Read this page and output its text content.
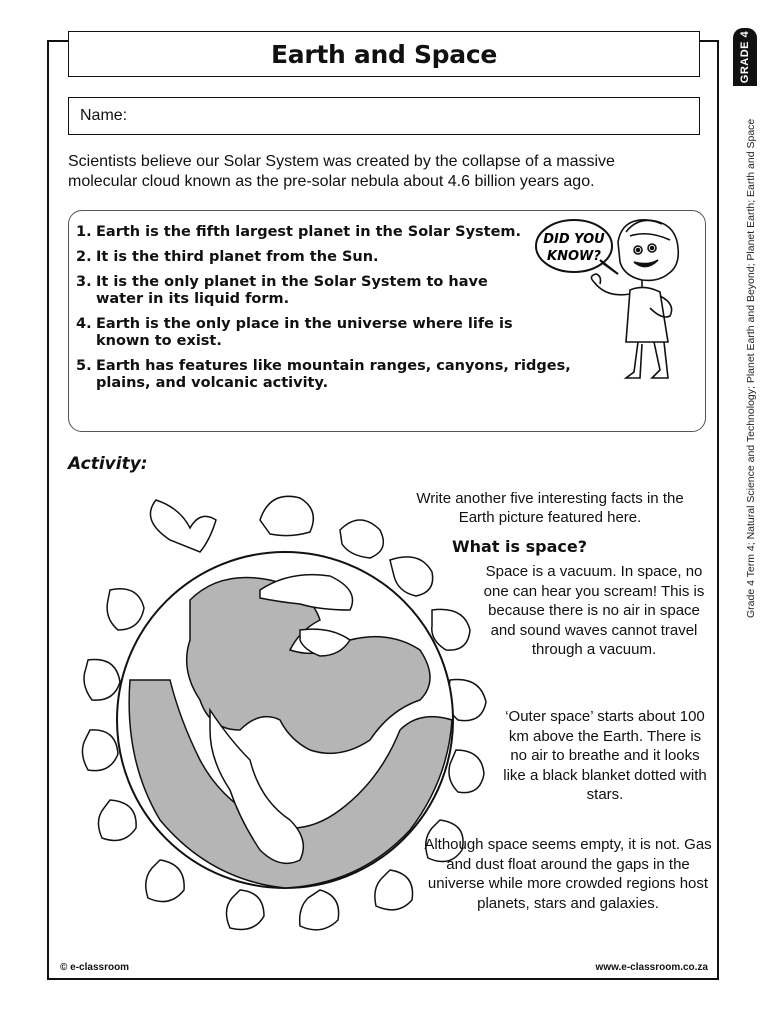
Earth and Space	GRADE 4
Grade 4 Term 4; Natural Science and Technology; Planet Earth and Beyond; Planet Earth; Earth and Space
Name:
Scientists believe our Solar System was created by the collapse of a massive molecular cloud known as the pre-solar nebula about 4.6 billion years ago.
1. Earth is the fifth largest planet in the Solar System.
2. It is the third planet from the Sun.
3. It is the only planet in the Solar System to have water in its liquid form.
4. Earth is the only place in the universe where life is known to exist.
5. Earth has features like mountain ranges, canyons, ridges, plains, and volcanic activity.
DID YOU
KNOW?
Activity:
Write another five interesting facts in the Earth picture featured here.
What is space?
Space is a vacuum. In space, no one can hear you scream! This is because there is no air in space and sound waves cannot travel through a vacuum.
‘Outer space’ starts about 100 km above the Earth. There is no air to breathe and it looks like a black blanket dotted with stars.
Although space seems empty, it is not. Gas and dust float around the gaps in the universe while more crowded regions host planets, stars and galaxies.
© e-classroom	www.e-classroom.co.za
